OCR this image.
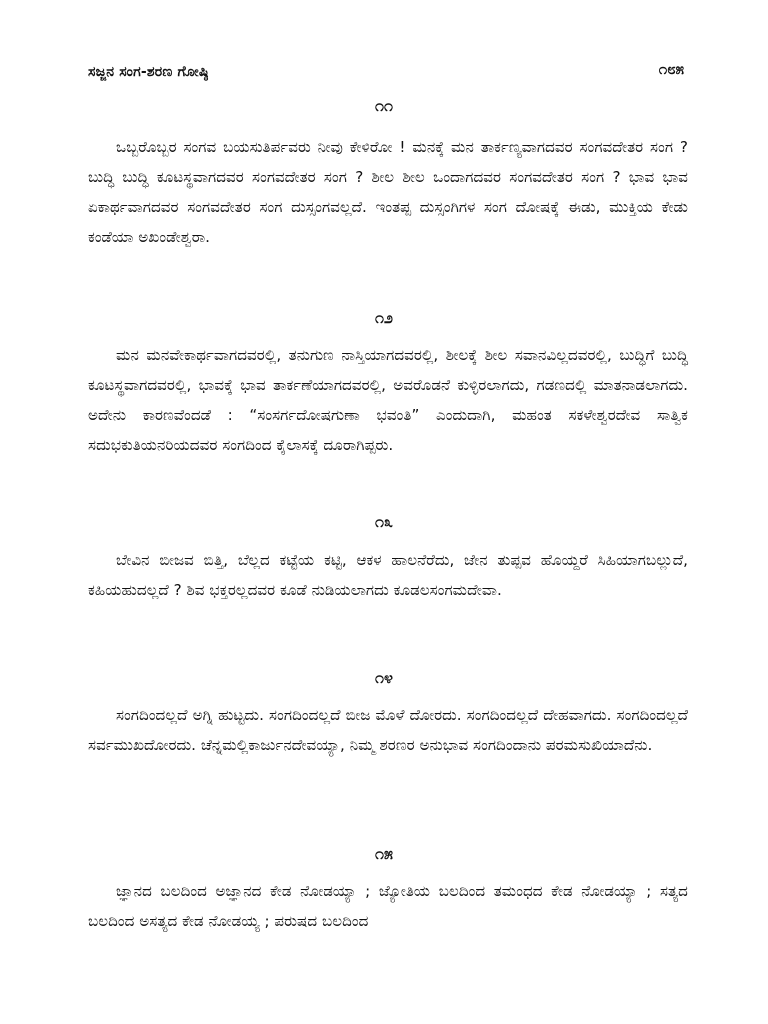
ಸಜ್ಜನ ಸಂಗ-ಶರಣ ಗೋಷ್ಠಿ	೧೮೫
೧೧

ಒಬ್ಬರೊಬ್ಬರ ಸಂಗವ ಬಯಸುತಿರ್ಪವರು ನೀವು ಕೇಳಿರೋ ! ಮನಕ್ಕೆ ಮನ ತಾರ್ಕಣ್ಯವಾಗದವರ ಸಂಗವದೇತರ ಸಂಗ ? ಬುದ್ಧಿ ಬುದ್ಧಿ ಕೂಟಸ್ಥವಾಗದವರ ಸಂಗವದೇತರ ಸಂಗ ? ಶೀಲ ಶೀಲ ಒಂದಾಗದವರ ಸಂಗವದೇತರ ಸಂಗ ? ಭಾವ ಭಾವ ಏಕಾರ್ಥವಾಗದವರ ಸಂಗವದೇತರ ಸಂಗ ದುಸ್ಸಂಗವಲ್ಲದೆ. ಇಂತಪ್ಪ ದುಸ್ಸಂಗಿಗಳ ಸಂಗ ದೋಷಕ್ಕೆ ಈಡು, ಮುಕ್ತಿಯ ಕೇಡು ಕಂಡೆಯಾ ಅಖಂಡೇಶ್ವರಾ.

೧೨

ಮನ ಮನವೇಕಾರ್ಥವಾಗದವರಲ್ಲಿ, ತನುಗುಣ ನಾಸ್ತಿಯಾಗದವರಲ್ಲಿ, ಶೀಲಕ್ಕೆ ಶೀಲ ಸವಾನವಿಲ್ಲದವರಲ್ಲಿ, ಬುದ್ಧಿಗೆ ಬುದ್ಧಿ ಕೂಟಸ್ಥವಾಗದವರಲ್ಲಿ, ಭಾವಕ್ಕೆ ಭಾವ ತಾರ್ಕಣೆಯಾಗದವರಲ್ಲಿ, ಅವರೊಡನೆ ಕುಳ್ಳಿರಲಾಗದು, ಗಡಣದಲ್ಲಿ ಮಾತನಾಡಲಾಗದು. ಅದೇನು ಕಾರಣವೆಂದಡೆ : “ಸಂಸರ್ಗದೋಷಗುಣಾ ಭವಂತಿ” ಎಂದುದಾಗಿ, ಮಹಂತ ಸಕಳೇಶ್ವರದೇವ ಸಾತ್ವಿಕ ಸದುಭಕುತಿಯನರಿಯದವರ ಸಂಗದಿಂದ ಕೈಲಾಸಕ್ಕೆ ದೂರಾಗಿಪ್ಪರು.

೧೩

ಬೇವಿನ ಬೀಜವ ಬಿತ್ತಿ, ಬೆಲ್ಲದ ಕಟ್ಟೆಯ ಕಟ್ಟಿ, ಆಕಳ ಹಾಲನೆರೆದು, ಜೇನ ತುಪ್ಪವ ಹೊಯ್ದರೆ ಸಿಹಿಯಾಗಬಲ್ಲುದೆ, ಕಹಿಯಹುದಲ್ಲದೆ ? ಶಿವ ಭಕ್ತರಲ್ಲದವರ ಕೂಡೆ ನುಡಿಯಲಾಗದು ಕೂಡಲಸಂಗಮದೇವಾ.

೧೪

ಸಂಗದಿಂದಲ್ಲದೆ ಅಗ್ನಿ ಹುಟ್ಟದು. ಸಂಗದಿಂದಲ್ಲದೆ ಬೀಜ ಮೊಳೆ ದೋರದು. ಸಂಗದಿಂದಲ್ಲದೆ ದೇಹವಾಗದು. ಸಂಗದಿಂದಲ್ಲದೆ ಸರ್ವಮುಖದೋರದು. ಚೆನ್ನಮಲ್ಲಿಕಾರ್ಜುನದೇವಯ್ಯಾ, ನಿಮ್ಮ ಶರಣರ ಅನುಭಾವ ಸಂಗದಿಂದಾನು ಪರಮಸುಖಿಯಾದೆನು.

೧೫

ಜ್ಞಾನದ ಬಲದಿಂದ ಅಜ್ಞಾನದ ಕೇಡ ನೋಡಯ್ಯಾ ; ಜ್ಯೋತಿಯ ಬಲದಿಂದ ತಮಂಧದ ಕೇಡ ನೋಡಯ್ಯಾ ; ಸತ್ಯದ ಬಲದಿಂದ ಅಸತ್ಯದ ಕೇಡ ನೋಡಯ್ಯ ; ಪರುಷದ ಬಲದಿಂದ
